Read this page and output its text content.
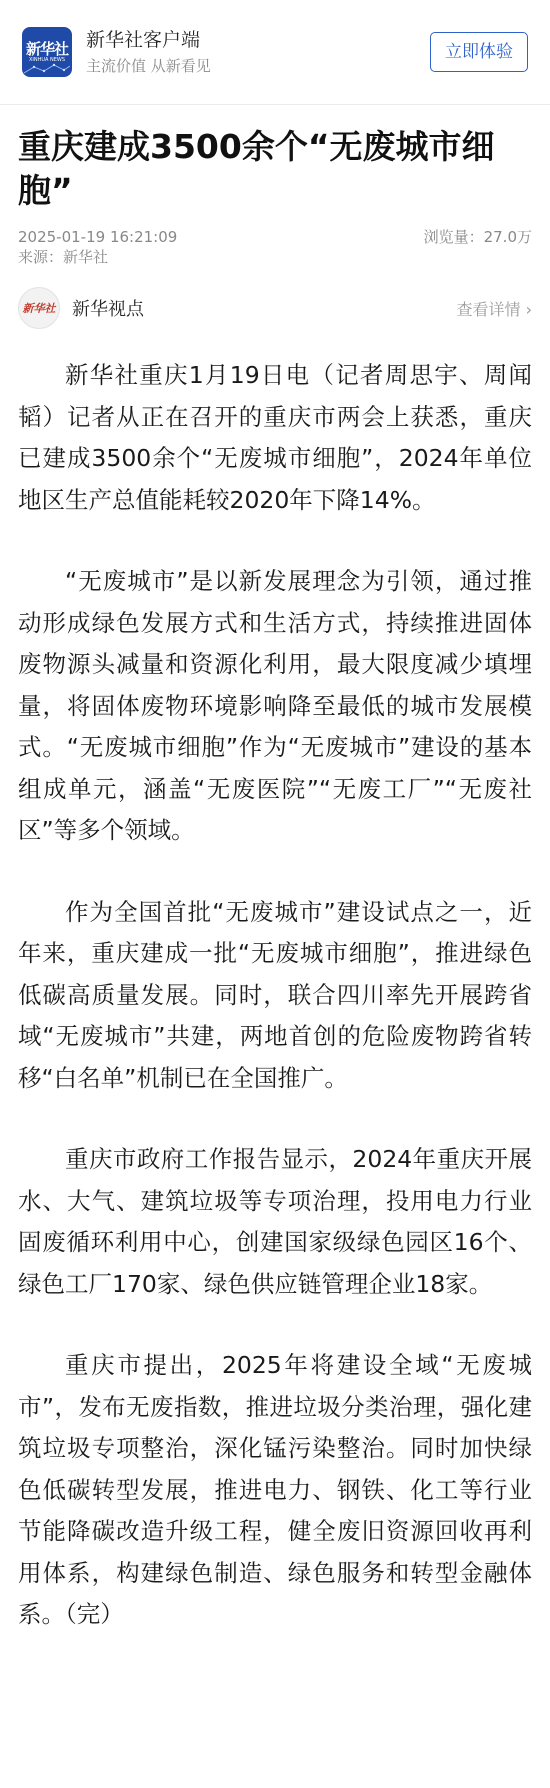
新华社
XINHUA NEWS
新华社客户端
主流价值 从新看见
立即体验
重庆建成3500余个“无废城市细胞”
2025-01-19 16:21:09	浏览量：27.0万
来源：新华社
新华社 新华视点	查看详情 ›

新华社重庆1月19日电（记者周思宇、周闻韬）记者从正在召开的重庆市两会上获悉，重庆已建成3500余个“无废城市细胞”，2024年单位地区生产总值能耗较2020年下降14%。

“无废城市”是以新发展理念为引领，通过推动形成绿色发展方式和生活方式，持续推进固体废物源头减量和资源化利用，最大限度减少填埋量，将固体废物环境影响降至最低的城市发展模式。“无废城市细胞”作为“无废城市”建设的基本组成单元，涵盖“无废医院”“无废工厂”“无废社区”等多个领域。

作为全国首批“无废城市”建设试点之一，近年来，重庆建成一批“无废城市细胞”，推进绿色低碳高质量发展。同时，联合四川率先开展跨省域“无废城市”共建，两地首创的危险废物跨省转移“白名单”机制已在全国推广。

重庆市政府工作报告显示，2024年重庆开展水、大气、建筑垃圾等专项治理，投用电力行业固废循环利用中心，创建国家级绿色园区16个、绿色工厂170家、绿色供应链管理企业18家。

重庆市提出，2025年将建设全域“无废城市”，发布无废指数，推进垃圾分类治理，强化建筑垃圾专项整治，深化锰污染整治。同时加快绿色低碳转型发展，推进电力、钢铁、化工等行业节能降碳改造升级工程，健全废旧资源回收再利用体系，构建绿色制造、绿色服务和转型金融体系。（完）
